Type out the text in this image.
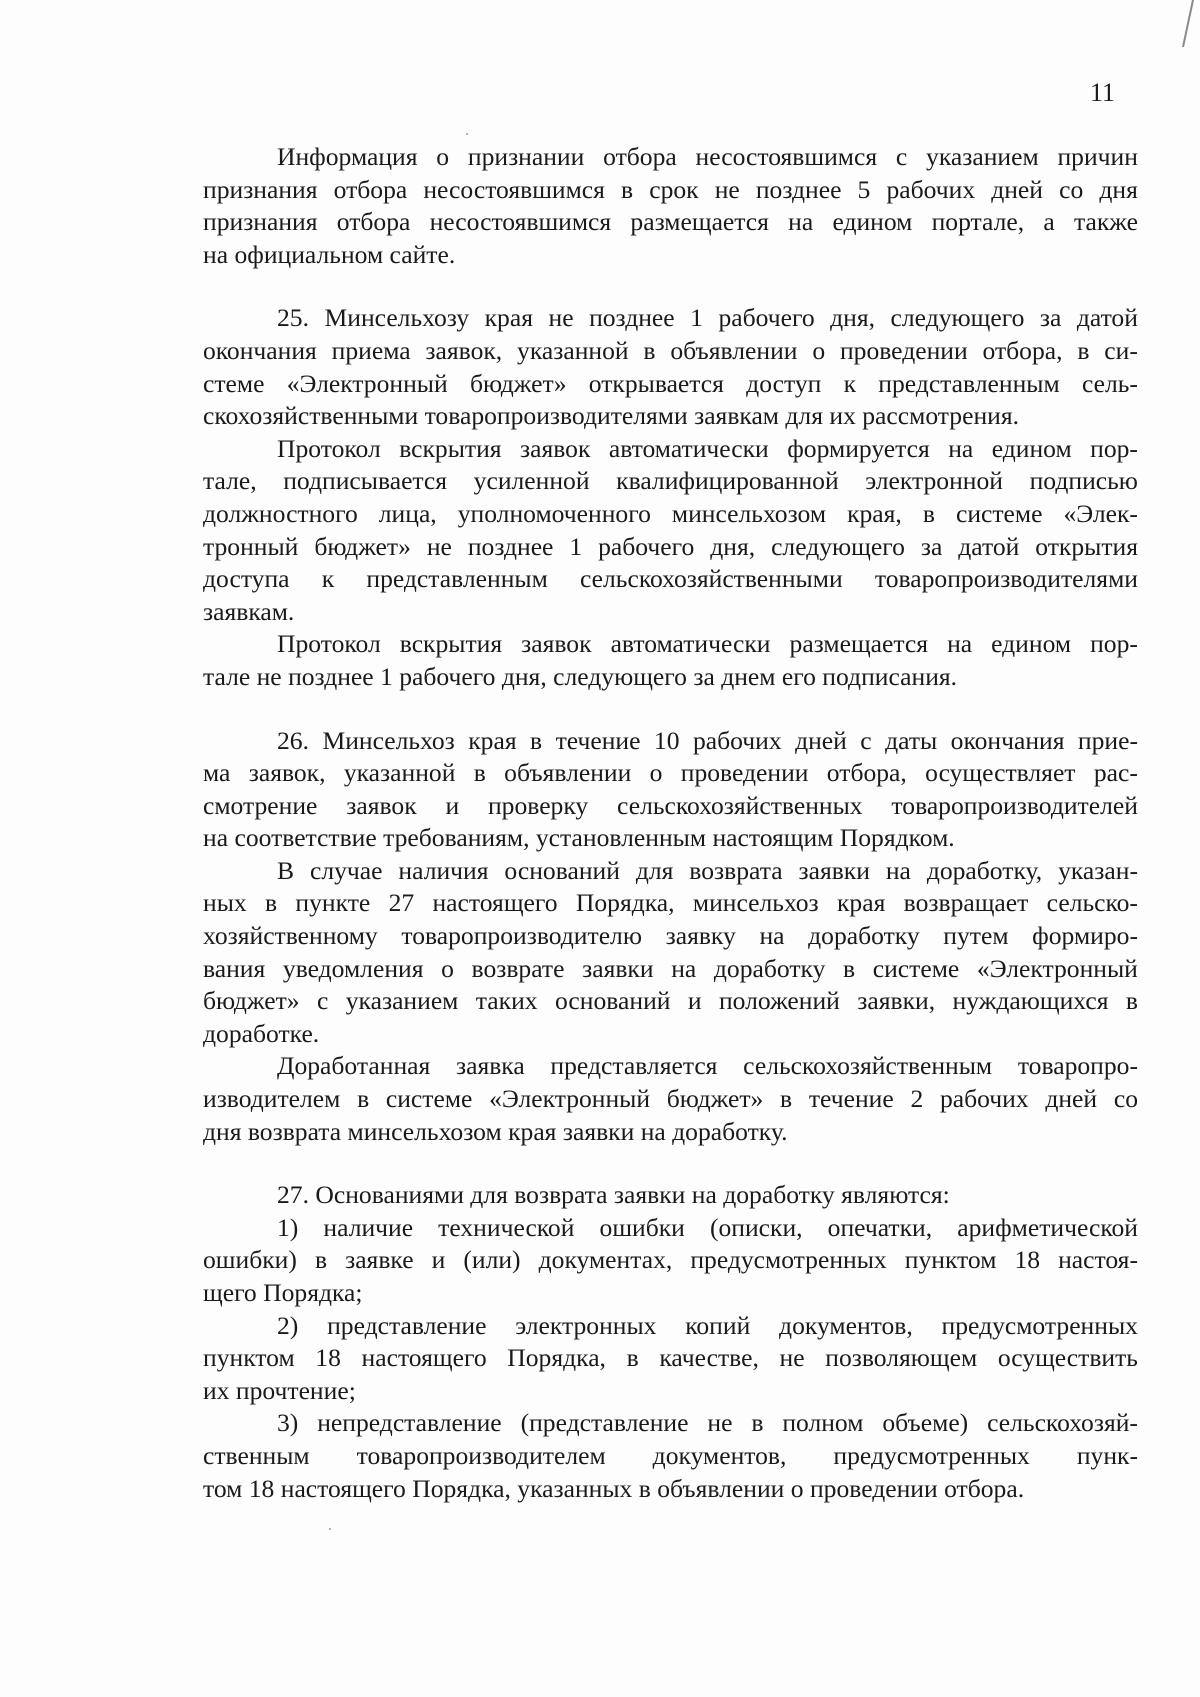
11
Информация о признании отбора несостоявшимся с указанием причин
признания отбора несостоявшимся в срок не позднее 5 рабочих дней со дня
признания отбора несостоявшимся размещается на едином портале, а также
на официальном сайте.
25. Минсельхозу края не позднее 1 рабочего дня, следующего за датой
окончания приема заявок, указанной в объявлении о проведении отбора, в си-
стеме «Электронный бюджет» открывается доступ к представленным сель-
скохозяйственными товаропроизводителями заявкам для их рассмотрения.
Протокол вскрытия заявок автоматически формируется на едином пор-
тале, подписывается усиленной квалифицированной электронной подписью
должностного лица, уполномоченного минсельхозом края, в системе «Элек-
тронный бюджет» не позднее 1 рабочего дня, следующего за датой открытия
доступа к представленным сельскохозяйственными товаропроизводителями
заявкам.
Протокол вскрытия заявок автоматически размещается на едином пор-
тале не позднее 1 рабочего дня, следующего за днем его подписания.
26. Минсельхоз края в течение 10 рабочих дней с даты окончания прие-
ма заявок, указанной в объявлении о проведении отбора, осуществляет рас-
смотрение заявок и проверку сельскохозяйственных товаропроизводителей
на соответствие требованиям, установленным настоящим Порядком.
В случае наличия оснований для возврата заявки на доработку, указан-
ных в пункте 27 настоящего Порядка, минсельхоз края возвращает сельско-
хозяйственному товаропроизводителю заявку на доработку путем формиро-
вания уведомления о возврате заявки на доработку в системе «Электронный
бюджет» с указанием таких оснований и положений заявки, нуждающихся в
доработке.
Доработанная заявка представляется сельскохозяйственным товаропро-
изводителем в системе «Электронный бюджет» в течение 2 рабочих дней со
дня возврата минсельхозом края заявки на доработку.
27. Основаниями для возврата заявки на доработку являются:
1) наличие технической ошибки (описки, опечатки, арифметической
ошибки) в заявке и (или) документах, предусмотренных пунктом 18 настоя-
щего Порядка;
2) представление электронных копий документов, предусмотренных
пунктом 18 настоящего Порядка, в качестве, не позволяющем осуществить
их прочтение;
3) непредставление (представление не в полном объеме) сельскохозяй-
ственным товаропроизводителем документов, предусмотренных пунк-
том 18 настоящего Порядка, указанных в объявлении о проведении отбора.
